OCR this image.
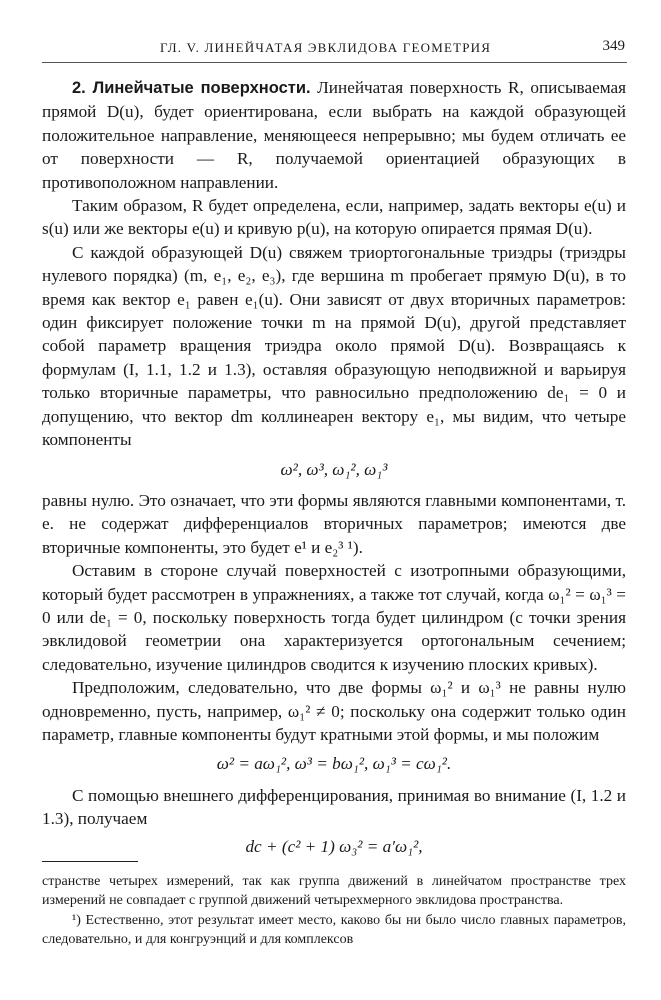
ГЛ. V. ЛИНЕЙЧАТАЯ ЭВКЛИДОВА ГЕОМЕТРИЯ	349

2. Линейчатые поверхности. Линейчатая поверхность R, описываемая прямой D(u), будет ориентирована, если выбрать на каждой образующей положительное направление, меняющееся непрерывно; мы будем отличать ее от поверхности — R, получаемой ориентацией образующих в противоположном направлении.

Таким образом, R будет определена, если, например, задать векторы e(u) и s(u) или же векторы e(u) и кривую p(u), на которую опирается прямая D(u).

С каждой образующей D(u) свяжем триортогональные триэдры (триэдры нулевого порядка) (m, e₁, e₂, e₃), где вершина m пробегает прямую D(u), в то время как вектор e₁ равен e₁(u). Они зависят от двух вторичных параметров: один фиксирует положение точки m на прямой D(u), другой представляет собой параметр вращения триэдра около прямой D(u). Возвращаясь к формулам (I, 1.1, 1.2 и 1.3), оставляя образующую неподвижной и варьируя только вторичные параметры, что равносильно предположению de₁ = 0 и допущению, что вектор dm коллинеарен вектору e₁, мы видим, что четыре компоненты

ω², ω³, ω₁², ω₁³

равны нулю. Это означает, что эти формы являются главными компонентами, т. е. не содержат дифференциалов вторичных параметров; имеются две вторичные компоненты, это будет e¹ и e₂³ ¹).

Оставим в стороне случай поверхностей с изотропными образующими, который будет рассмотрен в упражнениях, а также тот случай, когда ω₁² = ω₁³ = 0 или de₁ = 0, поскольку поверхность тогда будет цилиндром (с точки зрения эвклидовой геометрии она характеризуется ортогональным сечением; следовательно, изучение цилиндров сводится к изучению плоских кривых).

Предположим, следовательно, что две формы ω₁² и ω₁³ не равны нулю одновременно, пусть, например, ω₁² ≠ 0; поскольку она содержит только один параметр, главные компоненты будут кратными этой формы, и мы положим

ω² = aω₁², ω³ = bω₁², ω₁³ = cω₁².

С помощью внешнего дифференцирования, принимая во внимание (I, 1.2 и 1.3), получаем

dc + (c² + 1) ω₃² = a′ω₁²,

странстве четырех измерений, так как группа движений в линейчатом пространстве трех измерений не совпадает с группой движений четырехмерного эвклидова пространства.

¹) Естественно, этот результат имеет место, каково бы ни было число главных параметров, следовательно, и для конгруэнций и для комплексов
